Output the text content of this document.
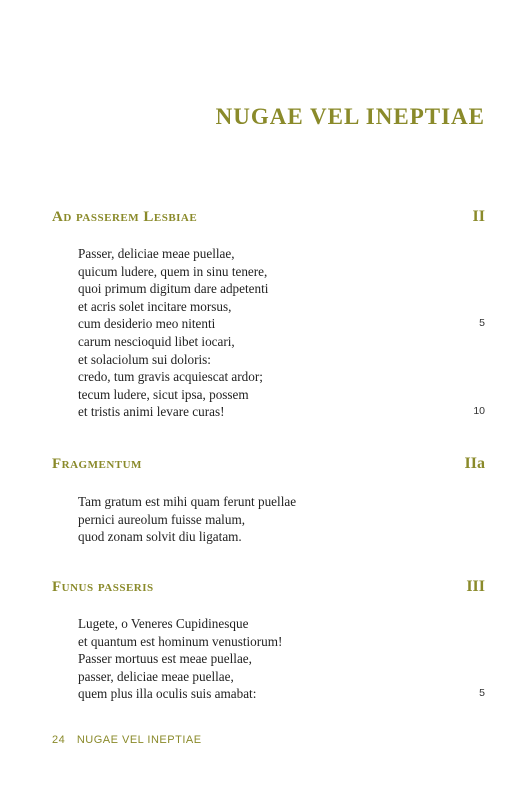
NUGAE VEL INEPTIAE
Ad passerem Lesbiae	II
Passer, deliciae meae puellae,
quicum ludere, quem in sinu tenere,
quoi primum digitum dare adpetenti
et acris solet incitare morsus,
cum desiderio meo nitenti	5
carum nescioquid libet iocari,
et solaciolum sui doloris:
credo, tum gravis acquiescat ardor;
tecum ludere, sicut ipsa, possem
et tristis animi levare curas!	10
Fragmentum	IIa
Tam gratum est mihi quam ferunt puellae
pernici aureolum fuisse malum,
quod zonam solvit diu ligatam.
Funus passeris	III
Lugete, o Veneres Cupidinesque
et quantum est hominum venustiorum!
Passer mortuus est meae puellae,
passer, deliciae meae puellae,
quem plus illa oculis suis amabat:	5
24 NUGAE VEL INEPTIAE
